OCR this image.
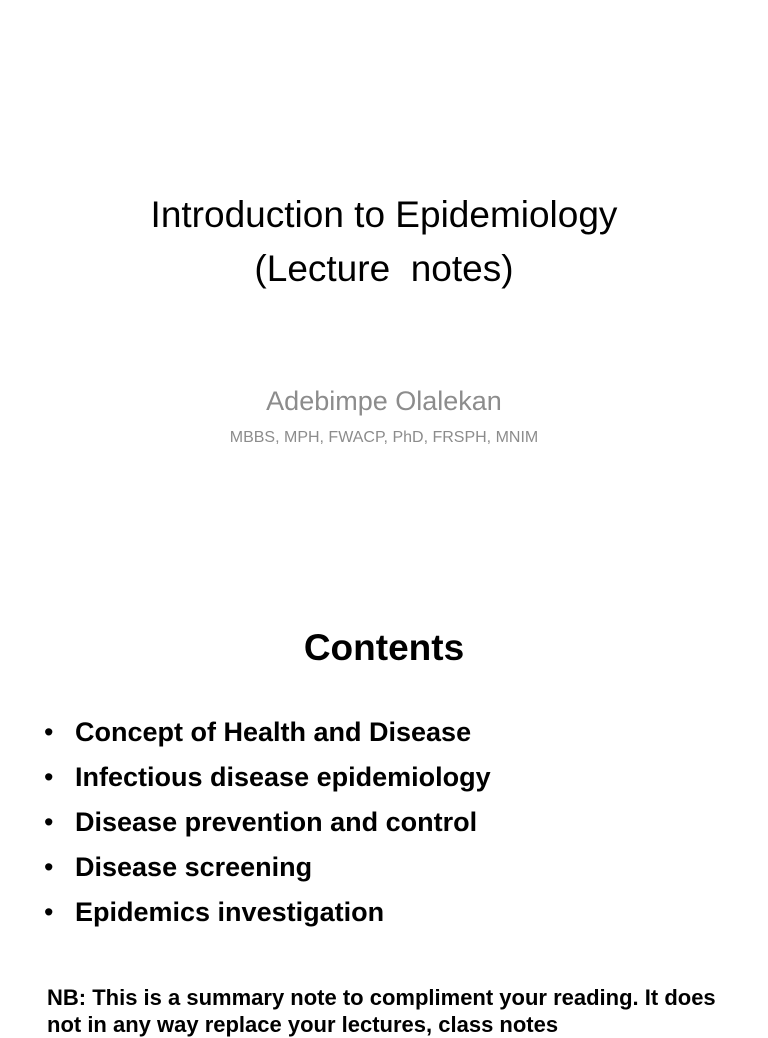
Introduction to Epidemiology
(Lecture  notes)
Adebimpe Olalekan
MBBS, MPH, FWACP, PhD, FRSPH, MNIM
Contents
• Concept of Health and Disease
• Infectious disease epidemiology
• Disease prevention and control
• Disease screening
• Epidemics investigation

NB: This is a summary note to compliment your reading. It does not in any way replace your lectures, class notes
